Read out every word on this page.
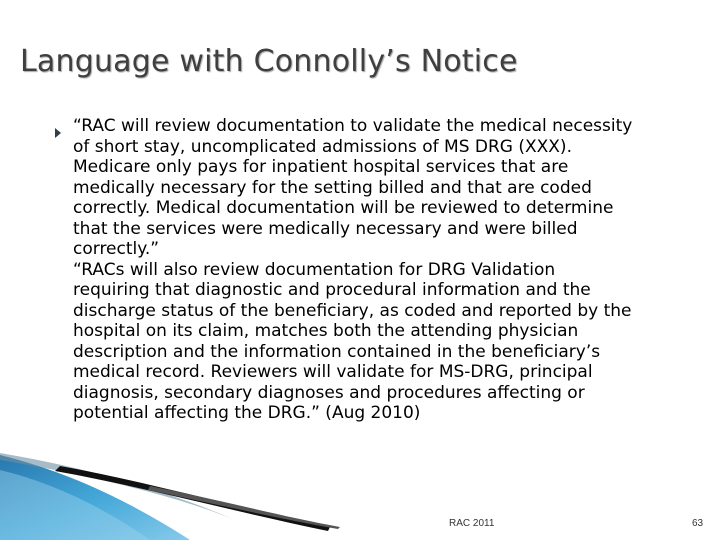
Language with Connolly’s Notice

“RAC will review documentation to validate the medical necessity

of short stay, uncomplicated admissions of MS DRG (XXX).

Medicare only pays for inpatient hospital services that are

medically necessary for the setting billed and that are coded

correctly. Medical documentation will be reviewed to determine

that the services were medically necessary and were billed

correctly.”

“RACs will also review documentation for DRG Validation

requiring that diagnostic and procedural information and the

discharge status of the beneficiary, as coded and reported by the

hospital on its claim, matches both the attending physician

description and the information contained in the beneficiary’s

medical record. Reviewers will validate for MS-DRG, principal

diagnosis, secondary diagnoses and procedures affecting or

potential affecting the DRG.” (Aug 2010)

RAC 2011	63
